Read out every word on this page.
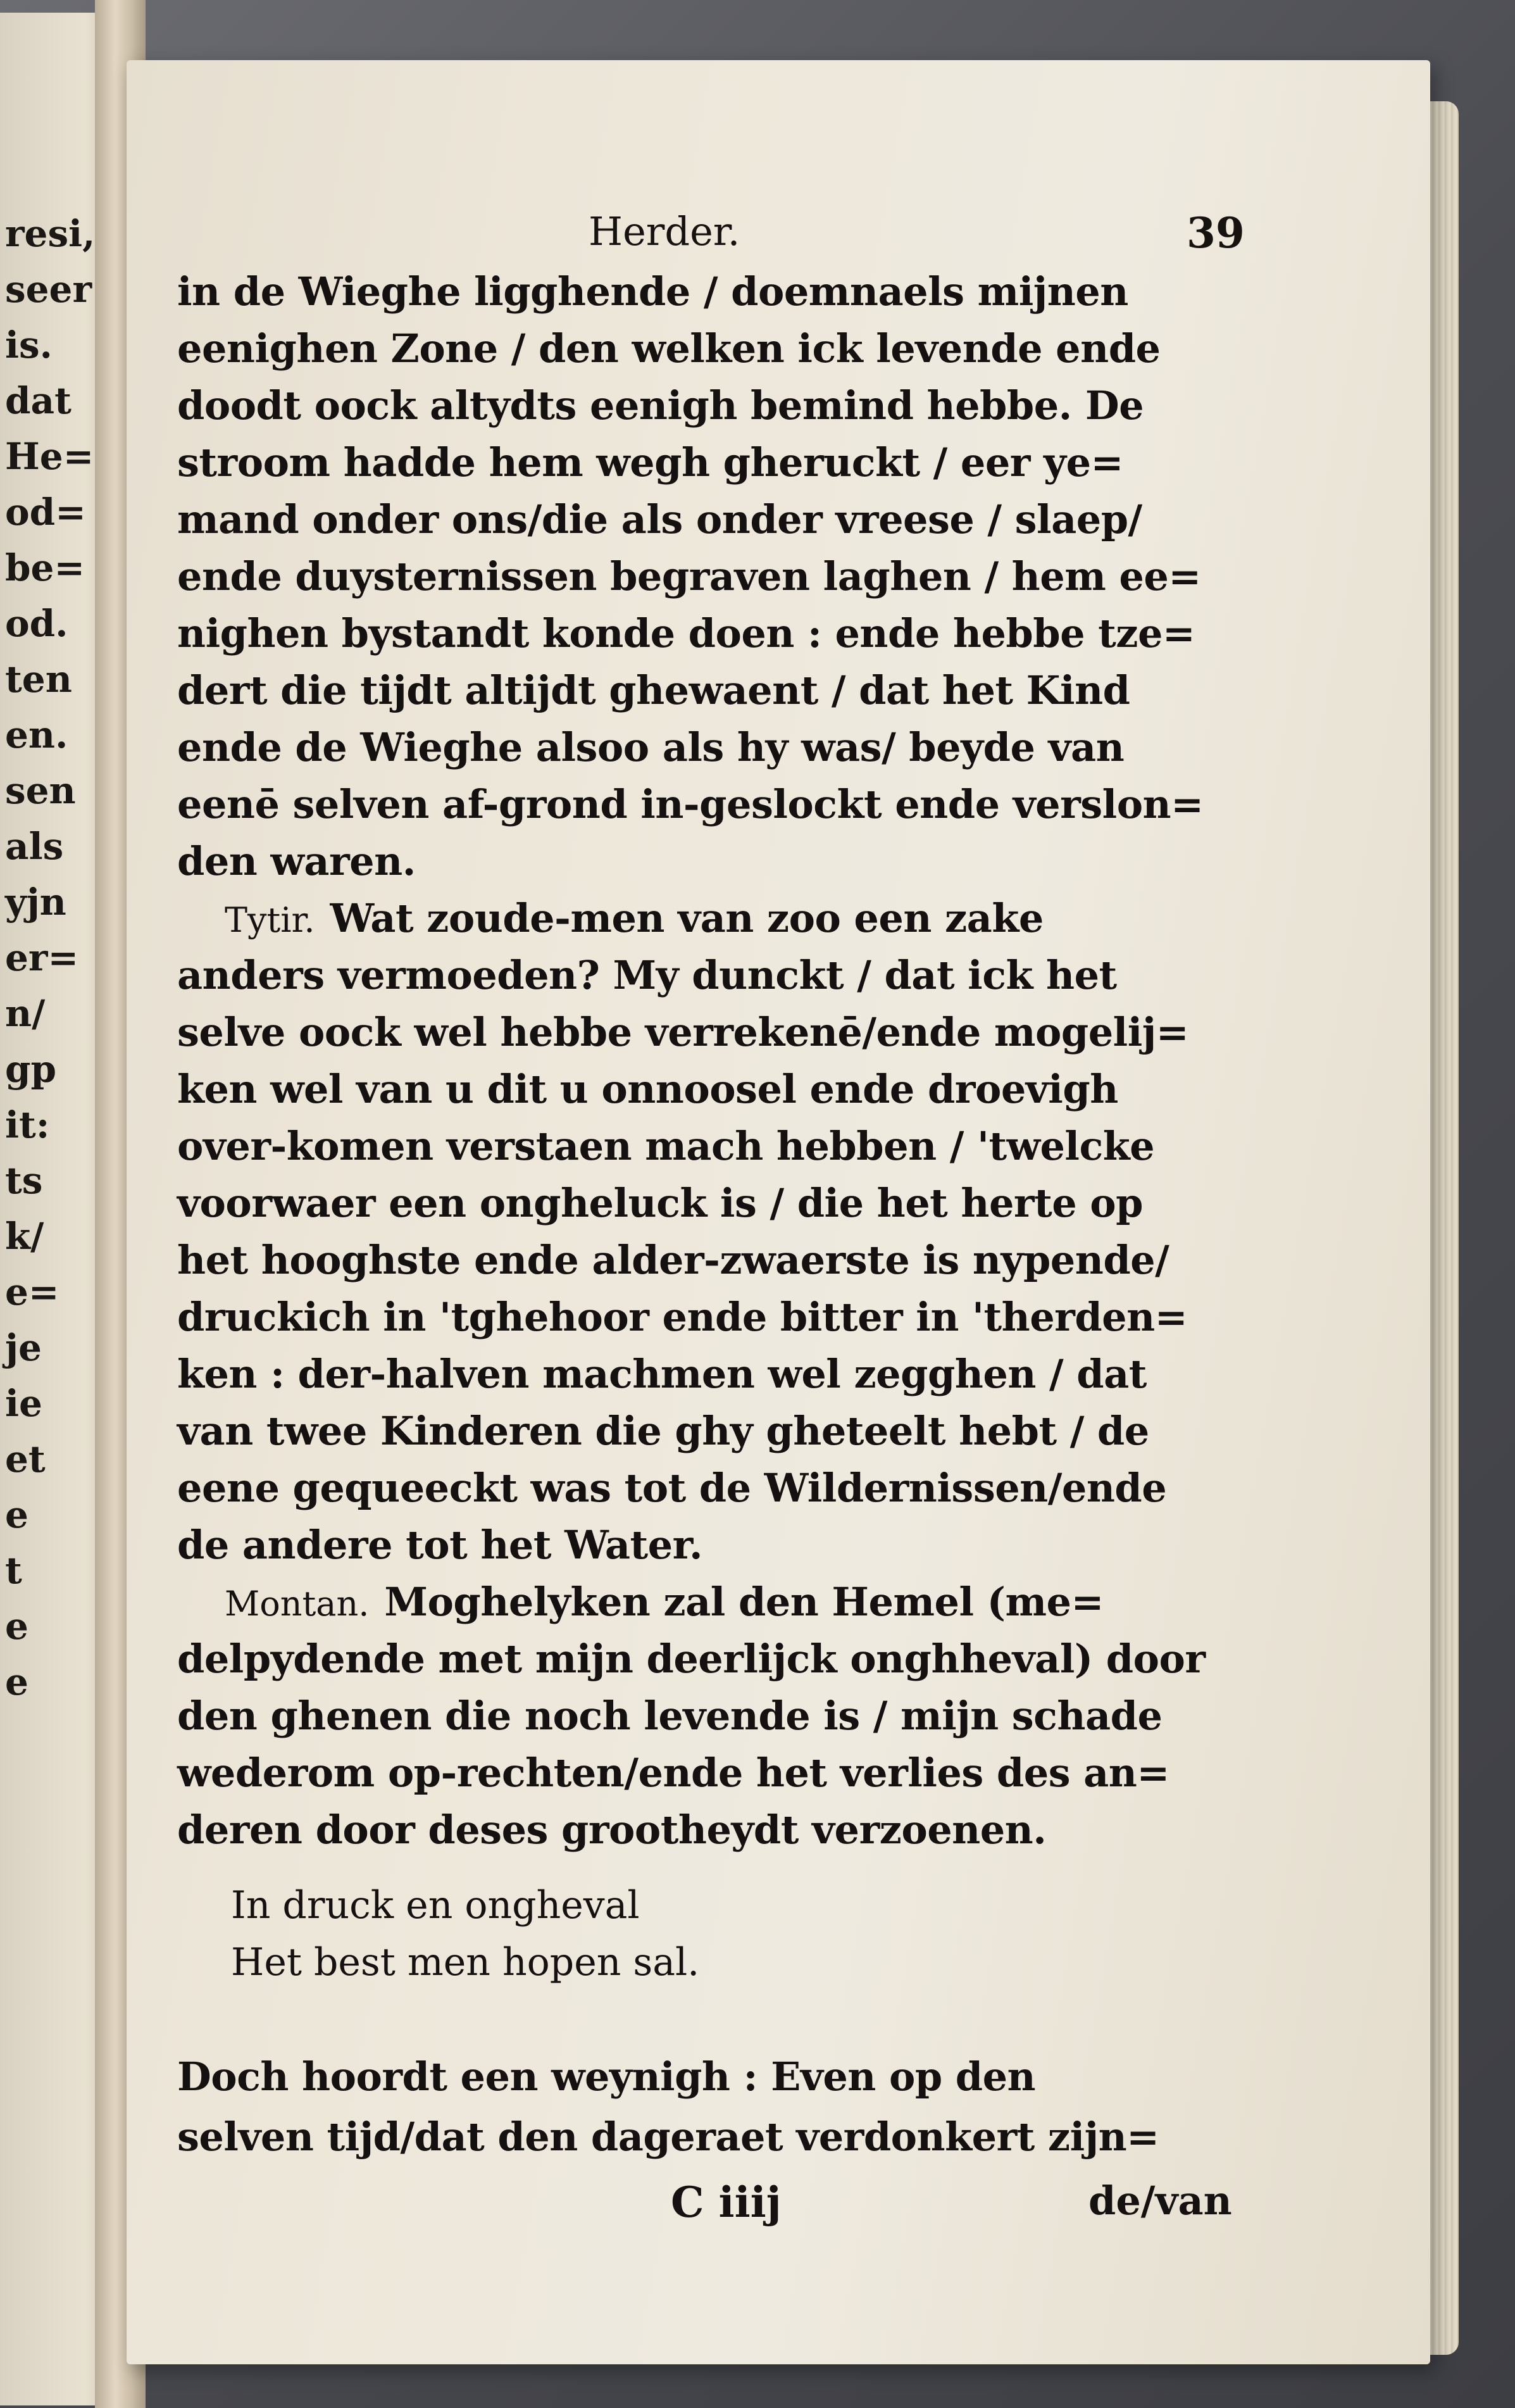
resi,
seer
is.
dat
He=
od=
be=
od.
ten
en.
sen
als
yjn
er=
n/
gp
it:
ts
k/
e=
je
ie
et
e
t
e
e
Herder.	39
in de Wieghe ligghende / doemnaels mijnen
eenighen Zone / den welken ick levende ende
doodt oock altydts eenigh bemind hebbe. De
stroom hadde hem wegh gheruckt / eer ye=
mand onder ons/die als onder vreese / slaep/
ende duysternissen begraven laghen / hem ee=
nighen bystandt konde doen : ende hebbe tze=
dert die tijdt altijdt ghewaent / dat het Kind
ende de Wieghe alsoo als hy was/ beyde van
eenē selven af-grond in-geslockt ende verslon=
den waren.
Tytir. Wat zoude-men van zoo een zake
anders vermoeden? My dunckt / dat ick het
selve oock wel hebbe verrekenē/ende mogelij=
ken wel van u dit u onnoosel ende droevigh
over-komen verstaen mach hebben / 'twelcke
voorwaer een ongheluck is / die het herte op
het hooghste ende alder-zwaerste is nypende/
druckich in 'tghehoor ende bitter in 'therden=
ken : der-halven machmen wel zegghen / dat
van twee Kinderen die ghy gheteelt hebt / de
eene gequeeckt was tot de Wildernissen/ende
de andere tot het Water.
Montan. Moghelyken zal den Hemel (me=
delpydende met mijn deerlijck onghheval) door
den ghenen die noch levende is / mijn schade
wederom op-rechten/ende het verlies des an=
deren door deses grootheydt verzoenen.
In druck en ongheval
Het best men hopen sal.
Doch hoordt een weynigh : Even op den
selven tijd/dat den dageraet verdonkert zijn=
C iiij	de/van
